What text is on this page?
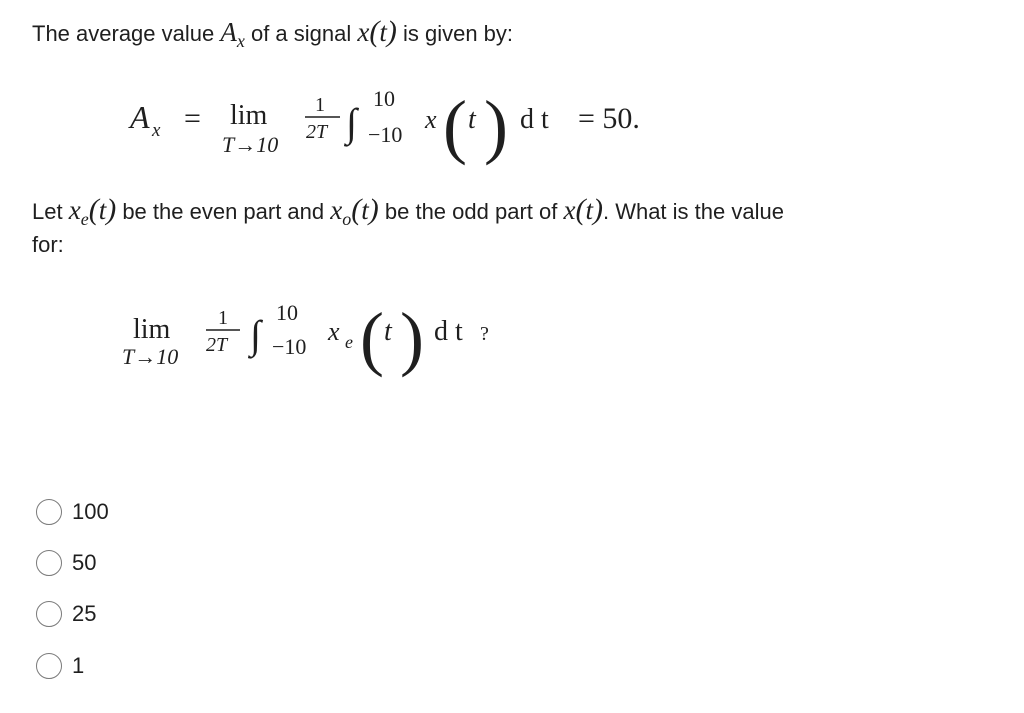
The average value $A_x$ of a signal x(t) is given by:
A x = lim
T→10
1
2T ∫
10
−10
x ( t ) d t = 50.
Let $x_e(t)$ be the even part and $x_o(t)$ be the odd part of x(t). What is the value
for:
lim
T→10
1
2T ∫ 10
−10
x e ( t ) d t ?
100
50
25
1
